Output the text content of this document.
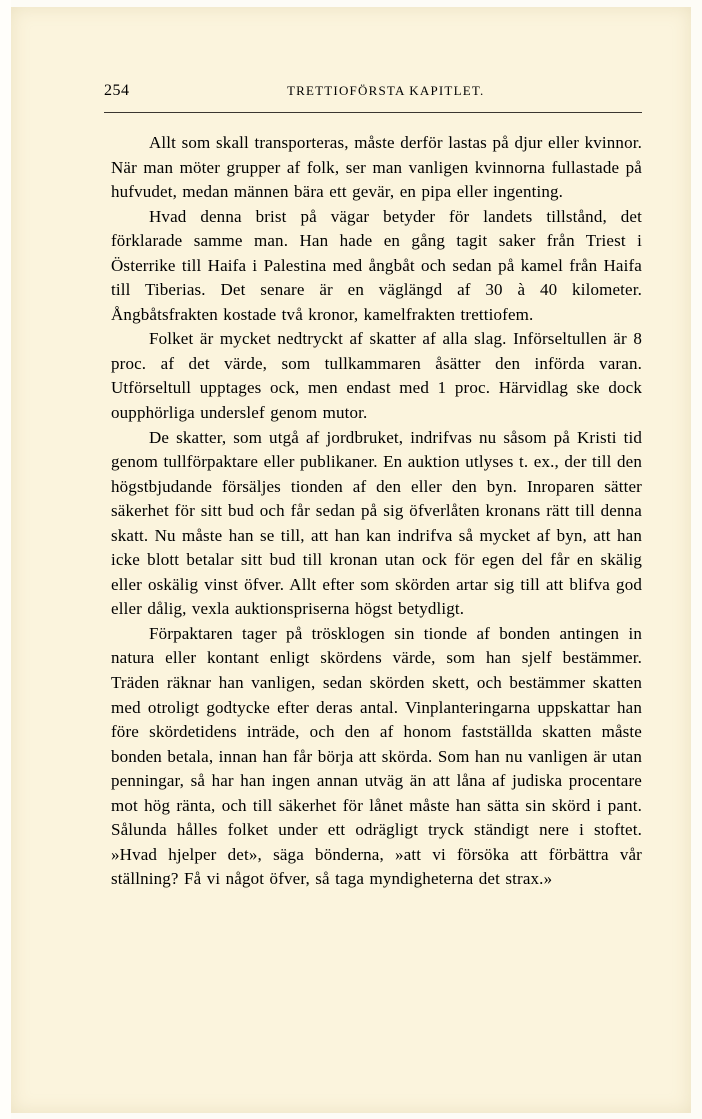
254	TRETTIOFÖRSTA KAPITLET.

Allt som skall transporteras, måste derför lastas på djur eller kvinnor. När man möter grupper af folk, ser man vanligen kvinnorna fullastade på hufvudet, medan männen bära ett gevär, en pipa eller ingenting.

Hvad denna brist på vägar betyder för landets tillstånd, det förklarade samme man. Han hade en gång tagit saker från Triest i Österrike till Haifa i Palestina med ångbåt och sedan på kamel från Haifa till Tiberias. Det senare är en väglängd af 30 à 40 kilometer. Ångbåtsfrakten kostade två kronor, kamelfrakten trettiofem.

Folket är mycket nedtryckt af skatter af alla slag. Införseltullen är 8 proc. af det värde, som tullkammaren åsätter den införda varan. Utförseltull upptages ock, men endast med 1 proc. Härvidlag ske dock oupphörliga underslef genom mutor.

De skatter, som utgå af jordbruket, indrifvas nu såsom på Kristi tid genom tullförpaktare eller publikaner. En auktion utlyses t. ex., der till den högstbjudande försäljes tionden af den eller den byn. Inroparen sätter säkerhet för sitt bud och får sedan på sig öfverlåten kronans rätt till denna skatt. Nu måste han se till, att han kan indrifva så mycket af byn, att han icke blott betalar sitt bud till kronan utan ock för egen del får en skälig eller oskälig vinst öfver. Allt efter som skörden artar sig till att blifva god eller dålig, vexla auktionspriserna högst betydligt.

Förpaktaren tager på trösklogen sin tionde af bonden antingen in natura eller kontant enligt skördens värde, som han sjelf bestämmer. Träden räknar han vanligen, sedan skörden skett, och bestämmer skatten med otroligt godtycke efter deras antal. Vinplanteringarna uppskattar han före skördetidens inträde, och den af honom fastställda skatten måste bonden betala, innan han får börja att skörda. Som han nu vanligen är utan penningar, så har han ingen annan utväg än att låna af judiska procentare mot hög ränta, och till säkerhet för lånet måste han sätta sin skörd i pant. Sålunda hålles folket under ett odrägligt tryck ständigt nere i stoftet. »Hvad hjelper det», säga bönderna, »att vi försöka att förbättra vår ställning? Få vi något öfver, så taga myndigheterna det strax.»
